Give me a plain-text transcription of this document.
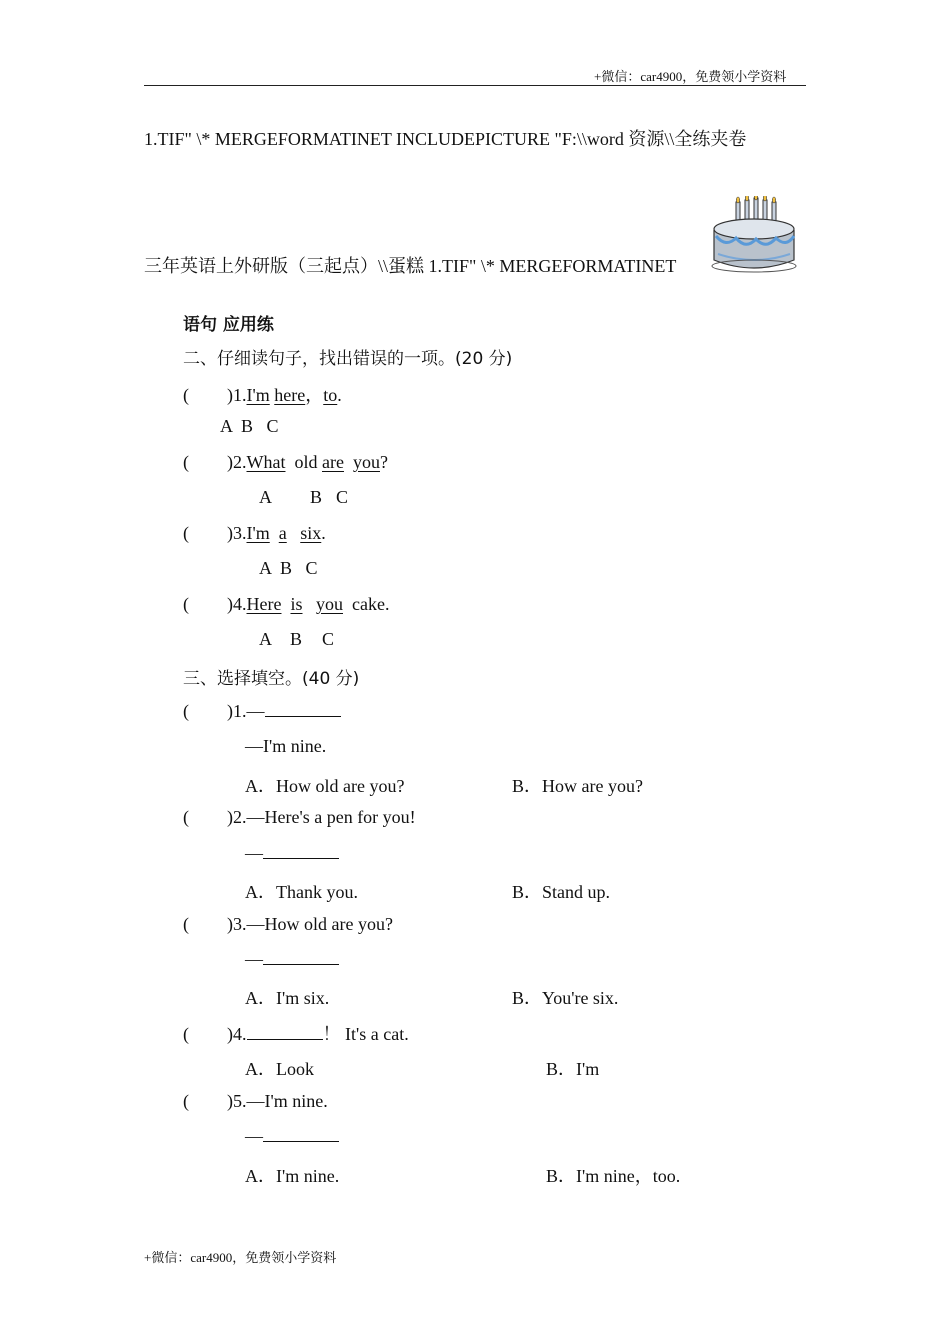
+微信：car4900，免费领小学资料
1.TIF" \* MERGEFORMATINET INCLUDEPICTURE "F:\\word 资源\\全练夹卷
三年英语上外研版（三起点）\\蛋糕 1.TIF" \* MERGEFORMATINET
语句 应用练
二、仔细读句子，找出错误的一项。(20 分)
( )1.I'm here，to.
A  B   C
( )2.What old are you?
A B C
( )3.I'm a six.
A  B   C
( )4.Here is you cake.
A B C
三、选择填空。(40 分)
( )1.—
—I'm nine.
A．How old are you?	B．How are you?
( )2.—Here's a pen for you!
—
A．Thank you.	B．Stand up.
( )3.—How old are you?
—
A．I'm six.	B．You're six.
( )4.	！ It's a cat.
A．Look	B．I'm
( )5.—I'm nine.
—
A．I'm nine.	B．I'm nine，too.
+微信：car4900，免费领小学资料
